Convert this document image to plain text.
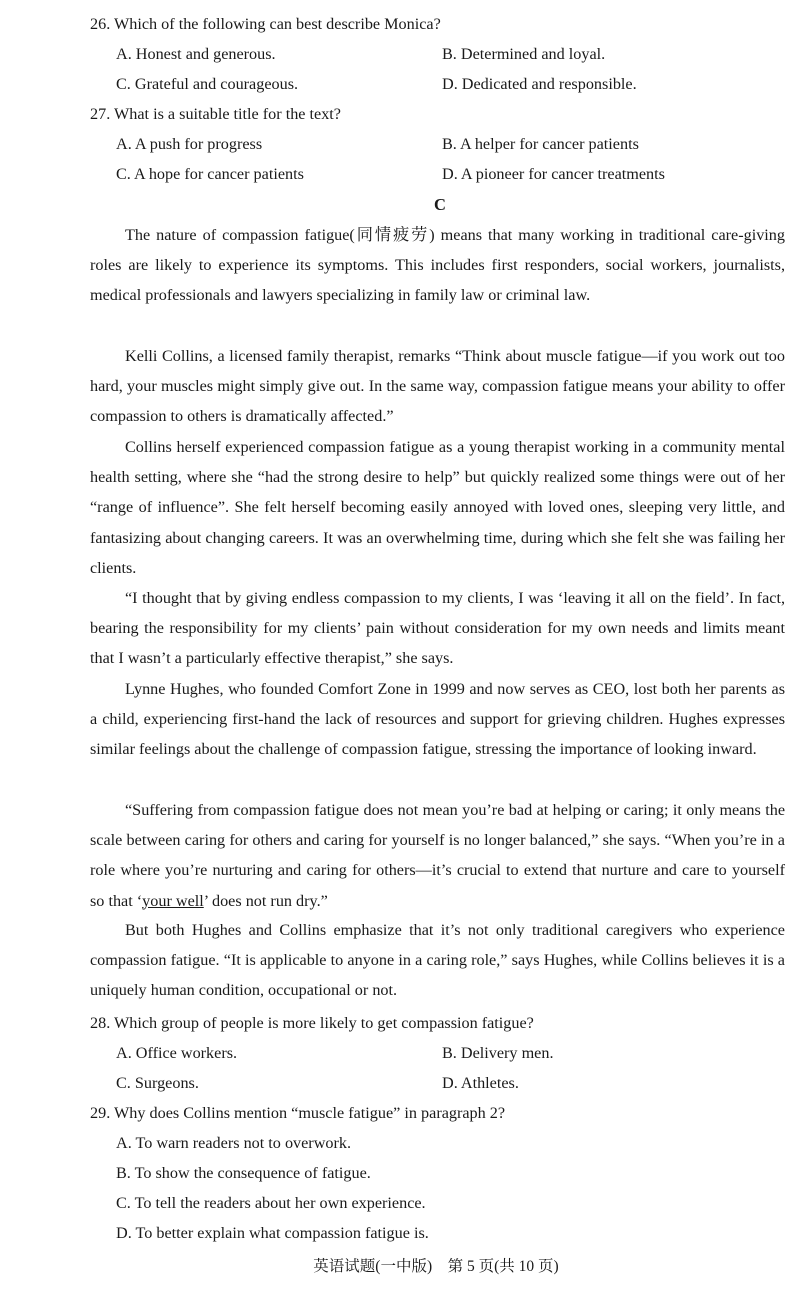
26. Which of the following can best describe Monica?
A. Honest and generous.	B. Determined and loyal.
C. Grateful and courageous.	D. Dedicated and responsible.
27. What is a suitable title for the text?
A. A push for progress	B. A helper for cancer patients
C. A hope for cancer patients	D. A pioneer for cancer treatments
C
The nature of compassion fatigue(同情疲劳) means that many working in traditional care-giving roles are likely to experience its symptoms. This includes first responders, social workers, journalists, medical professionals and lawyers specializing in family law or criminal law.
Kelli Collins, a licensed family therapist, remarks “Think about muscle fatigue—if you work out too hard, your muscles might simply give out. In the same way, compassion fatigue means your ability to offer compassion to others is dramatically affected.”
Collins herself experienced compassion fatigue as a young therapist working in a community mental health setting, where she “had the strong desire to help” but quickly realized some things were out of her “range of influence”. She felt herself becoming easily annoyed with loved ones, sleeping very little, and fantasizing about changing careers. It was an overwhelming time, during which she felt she was failing her clients.
“I thought that by giving endless compassion to my clients, I was ‘leaving it all on the field’. In fact, bearing the responsibility for my clients’ pain without consideration for my own needs and limits meant that I wasn’t a particularly effective therapist,” she says.
Lynne Hughes, who founded Comfort Zone in 1999 and now serves as CEO, lost both her parents as a child, experiencing first-hand the lack of resources and support for grieving children. Hughes expresses similar feelings about the challenge of compassion fatigue, stressing the importance of looking inward.
“Suffering from compassion fatigue does not mean you’re bad at helping or caring; it only means the scale between caring for others and caring for yourself is no longer balanced,” she says. “When you’re in a role where you’re nurturing and caring for others—it’s crucial to extend that nurture and care to yourself so that ‘your well’ does not run dry.”
But both Hughes and Collins emphasize that it’s not only traditional caregivers who experience compassion fatigue. “It is applicable to anyone in a caring role,” says Hughes, while Collins believes it is a uniquely human condition, occupational or not.
28. Which group of people is more likely to get compassion fatigue?
A. Office workers.	B. Delivery men.
C. Surgeons.	D. Athletes.
29. Why does Collins mention “muscle fatigue” in paragraph 2?
A. To warn readers not to overwork.
B. To show the consequence of fatigue.
C. To tell the readers about her own experience.
D. To better explain what compassion fatigue is.
英语试题(一中版)　第 5 页(共 10 页)
